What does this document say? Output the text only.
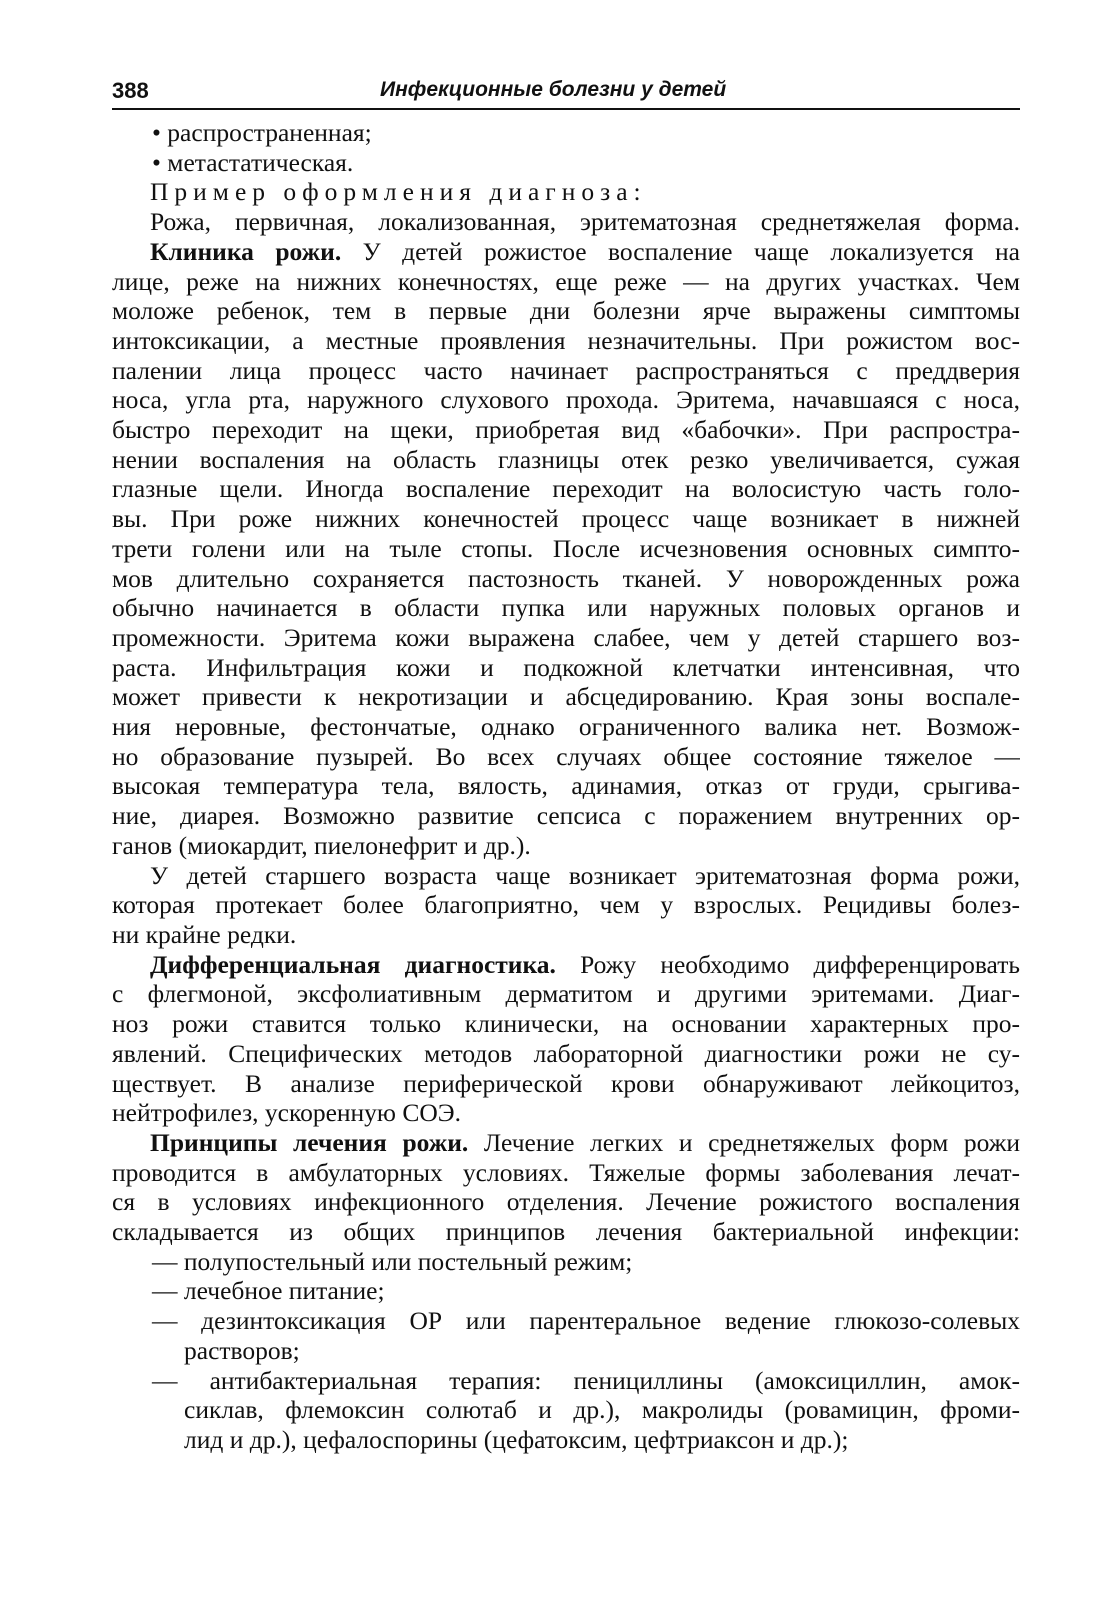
388	Инфекционные болезни у детей
• распространенная;
• метастатическая.
Пример оформления диагноза:
Рожа, первичная, локализованная, эритематозная среднетяжелая форма.
Клиника рожи. У детей рожистое воспаление чаще локализуется на
лице, реже на нижних конечностях, еще реже — на других участках. Чем
моложе ребенок, тем в первые дни болезни ярче выражены симптомы
интоксикации, а местные проявления незначительны. При рожистом вос-
палении лица процесс часто начинает распространяться с преддверия
носа, угла рта, наружного слухового прохода. Эритема, начавшаяся с носа,
быстро переходит на щеки, приобретая вид «бабочки». При распростра-
нении воспаления на область глазницы отек резко увеличивается, сужая
глазные щели. Иногда воспаление переходит на волосистую часть голо-
вы. При роже нижних конечностей процесс чаще возникает в нижней
трети голени или на тыле стопы. После исчезновения основных симпто-
мов длительно сохраняется пастозность тканей. У новорожденных рожа
обычно начинается в области пупка или наружных половых органов и
промежности. Эритема кожи выражена слабее, чем у детей старшего воз-
раста. Инфильтрация кожи и подкожной клетчатки интенсивная, что
может привести к некротизации и абсцедированию. Края зоны воспале-
ния неровные, фестончатые, однако ограниченного валика нет. Возмож-
но образование пузырей. Во всех случаях общее состояние тяжелое —
высокая температура тела, вялость, адинамия, отказ от груди, срыгива-
ние, диарея. Возможно развитие сепсиса с поражением внутренних ор-
ганов (миокардит, пиелонефрит и др.).
У детей старшего возраста чаще возникает эритематозная форма рожи,
которая протекает более благоприятно, чем у взрослых. Рецидивы болез-
ни крайне редки.
Дифференциальная диагностика. Рожу необходимо дифференцировать
с флегмоной, эксфолиативным дерматитом и другими эритемами. Диаг-
ноз рожи ставится только клинически, на основании характерных про-
явлений. Специфических методов лабораторной диагностики рожи не су-
ществует. В анализе периферической крови обнаруживают лейкоцитоз,
нейтрофилез, ускоренную СОЭ.
Принципы лечения рожи. Лечение легких и среднетяжелых форм рожи
проводится в амбулаторных условиях. Тяжелые формы заболевания лечат-
ся в условиях инфекционного отделения. Лечение рожистого воспаления
складывается из общих принципов лечения бактериальной инфекции:
— полупостельный или постельный режим;
— лечебное питание;
— дезинтоксикация ОР или парентеральное ведение глюкозо-солевых
растворов;
— антибактериальная терапия: пенициллины (амоксициллин, амок-
сиклав, флемоксин солютаб и др.), макролиды (ровамицин, фроми-
лид и др.), цефалоспорины (цефатоксим, цефтриаксон и др.);
